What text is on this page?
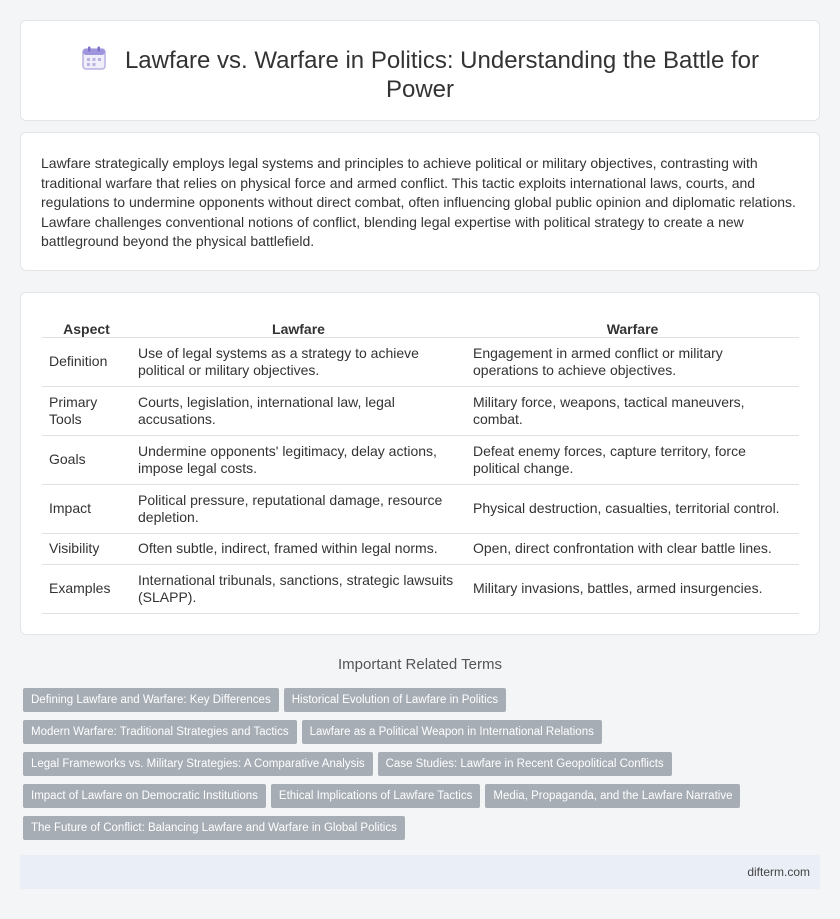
Lawfare vs. Warfare in Politics: Understanding the Battle for Power

Lawfare strategically employs legal systems and principles to achieve political or military objectives, contrasting with traditional warfare that relies on physical force and armed conflict. This tactic exploits international laws, courts, and regulations to undermine opponents without direct combat, often influencing global public opinion and diplomatic relations. Lawfare challenges conventional notions of conflict, blending legal expertise with political strategy to create a new battleground beyond the physical battlefield.

Aspect	Lawfare	Warfare
Definition	Use of legal systems as a strategy to achieve political or military objectives.	Engagement in armed conflict or military operations to achieve objectives.
Primary Tools	Courts, legislation, international law, legal accusations.	Military force, weapons, tactical maneuvers, combat.
Goals	Undermine opponents' legitimacy, delay actions, impose legal costs.	Defeat enemy forces, capture territory, force political change.
Impact	Political pressure, reputational damage, resource depletion.	Physical destruction, casualties, territorial control.
Visibility	Often subtle, indirect, framed within legal norms.	Open, direct confrontation with clear battle lines.
Examples	International tribunals, sanctions, strategic lawsuits (SLAPP).	Military invasions, battles, armed insurgencies.
Important Related Terms
Defining Lawfare and Warfare: Key Differences Historical Evolution of Lawfare in Politics
Modern Warfare: Traditional Strategies and Tactics Lawfare as a Political Weapon in International Relations
Legal Frameworks vs. Military Strategies: A Comparative Analysis Case Studies: Lawfare in Recent Geopolitical Conflicts
Impact of Lawfare on Democratic Institutions Ethical Implications of Lawfare Tactics Media, Propaganda, and the Lawfare Narrative
The Future of Conflict: Balancing Lawfare and Warfare in Global Politics
difterm.com
